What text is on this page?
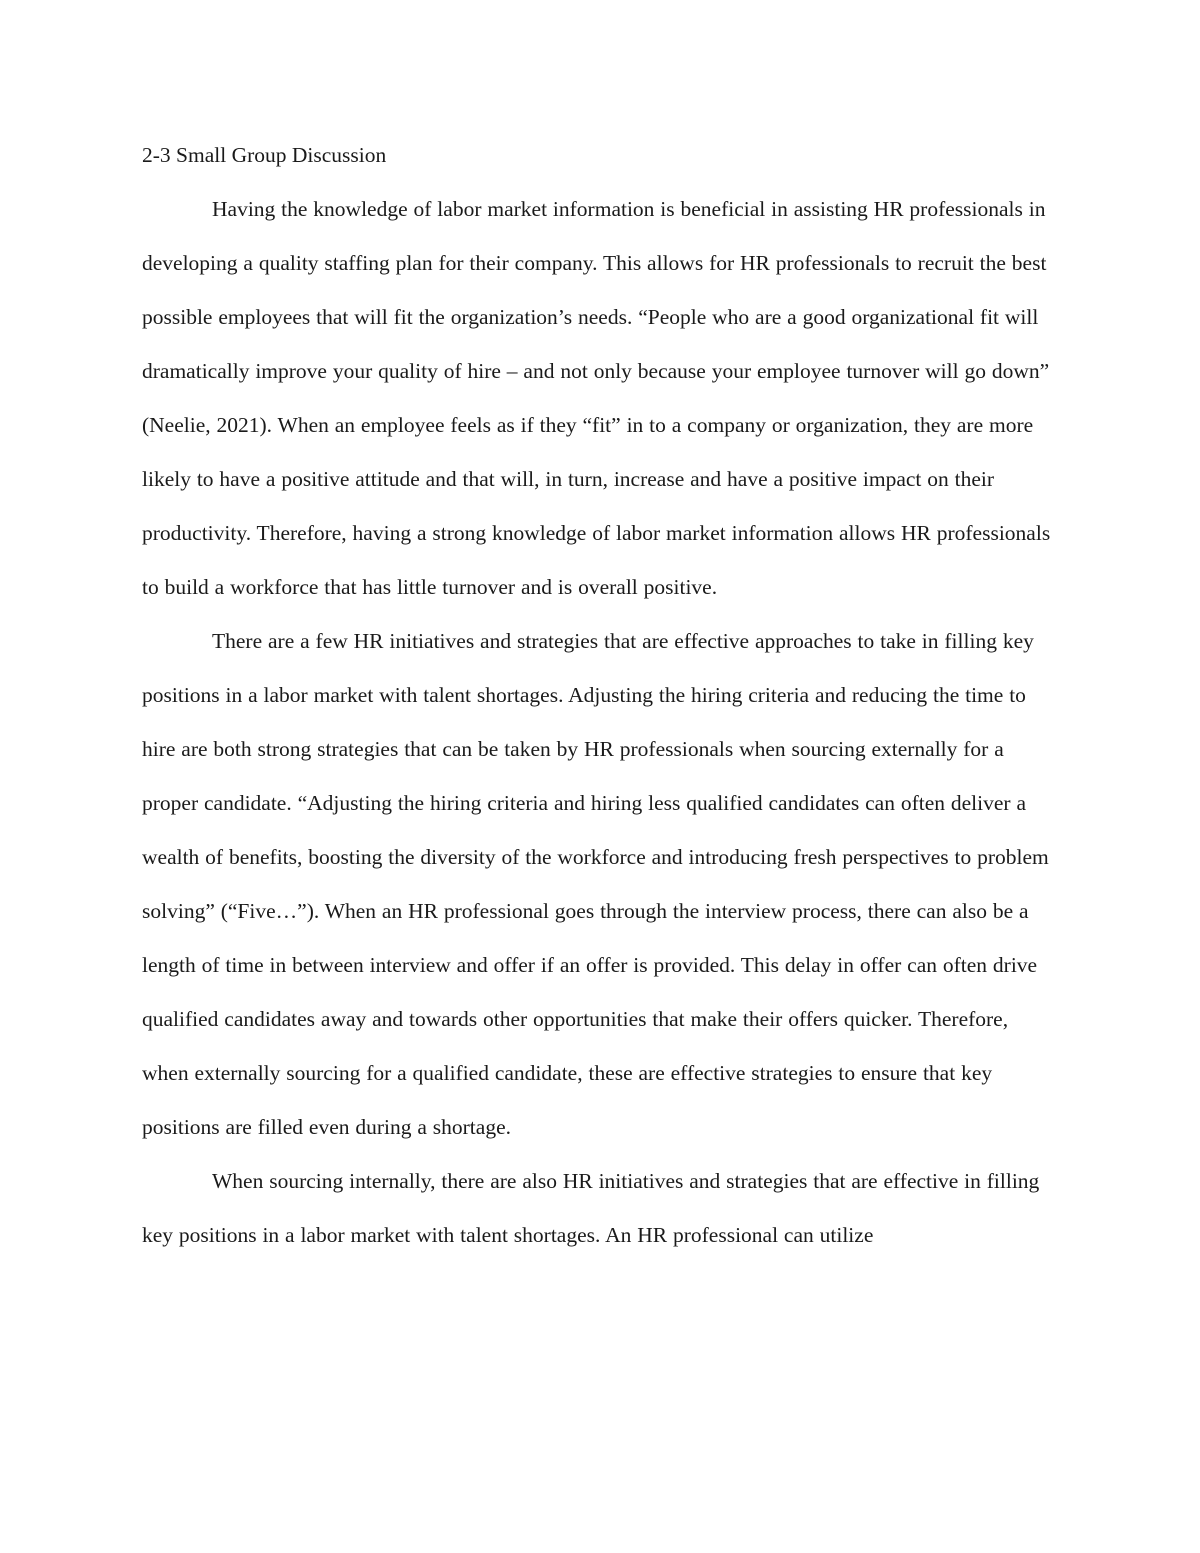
2-3 Small Group Discussion

Having the knowledge of labor market information is beneficial in assisting HR professionals in developing a quality staffing plan for their company. This allows for HR professionals to recruit the best possible employees that will fit the organization’s needs. “People who are a good organizational fit will dramatically improve your quality of hire – and not only because your employee turnover will go down” (Neelie, 2021). When an employee feels as if they “fit” in to a company or organization, they are more likely to have a positive attitude and that will, in turn, increase and have a positive impact on their productivity. Therefore, having a strong knowledge of labor market information allows HR professionals to build a workforce that has little turnover and is overall positive.

There are a few HR initiatives and strategies that are effective approaches to take in filling key positions in a labor market with talent shortages. Adjusting the hiring criteria and reducing the time to hire are both strong strategies that can be taken by HR professionals when sourcing externally for a proper candidate. “Adjusting the hiring criteria and hiring less qualified candidates can often deliver a wealth of benefits, boosting the diversity of the workforce and introducing fresh perspectives to problem solving” (“Five…”). When an HR professional goes through the interview process, there can also be a length of time in between interview and offer if an offer is provided. This delay in offer can often drive qualified candidates away and towards other opportunities that make their offers quicker. Therefore, when externally sourcing for a qualified candidate, these are effective strategies to ensure that key positions are filled even during a shortage.

When sourcing internally, there are also HR initiatives and strategies that are effective in filling key positions in a labor market with talent shortages. An HR professional can utilize
